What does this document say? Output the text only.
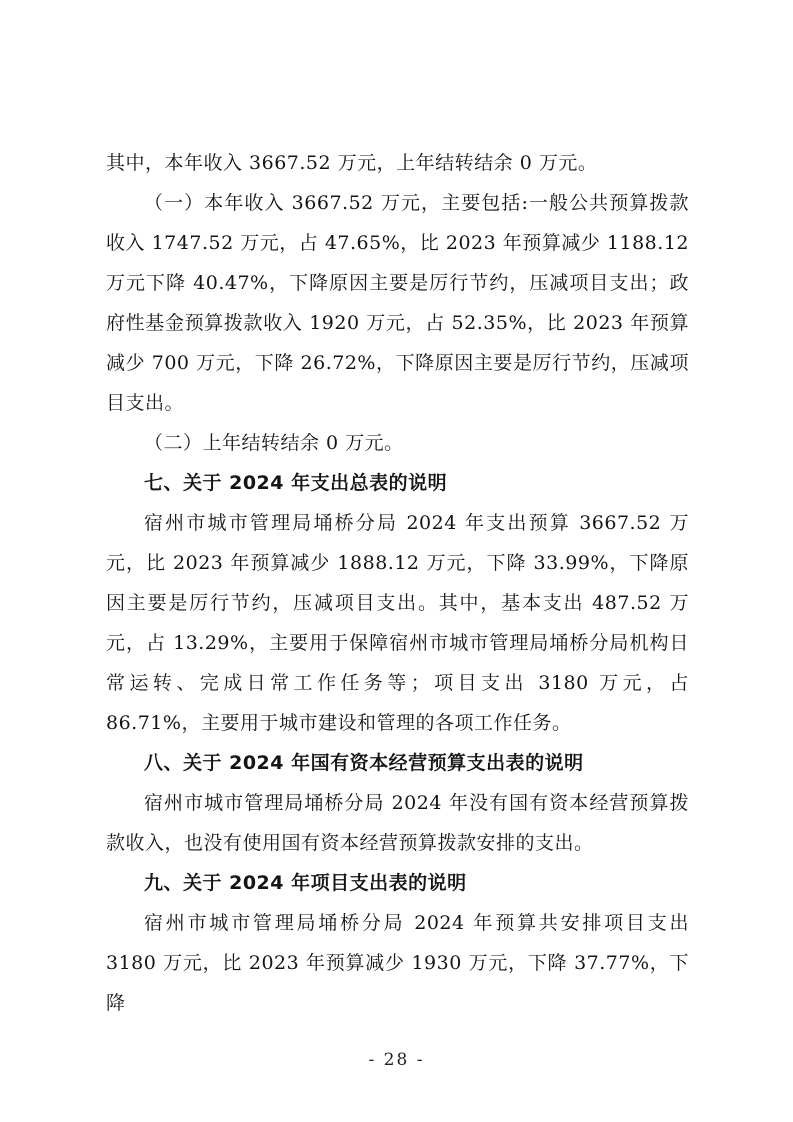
其中，本年收入 3667.52 万元，上年结转结余 0 万元。

（一）本年收入 3667.52 万元，主要包括:一般公共预算拨款收入 1747.52 万元，占 47.65%，比 2023 年预算减少 1188.12 万元下降 40.47%，下降原因主要是厉行节约，压减项目支出；政府性基金预算拨款收入 1920 万元，占 52.35%，比 2023 年预算减少 700 万元，下降 26.72%，下降原因主要是厉行节约，压减项目支出。

（二）上年结转结余 0 万元。

七、关于 2024 年支出总表的说明

宿州市城市管理局埇桥分局 2024 年支出预算 3667.52 万元，比 2023 年预算减少 1888.12 万元，下降 33.99%，下降原因主要是厉行节约，压减项目支出。其中，基本支出 487.52 万元，占 13.29%，主要用于保障宿州市城市管理局埇桥分局机构日常运转、完成日常工作任务等；项目支出 3180 万元，占 86.71%，主要用于城市建设和管理的各项工作任务。

八、关于 2024 年国有资本经营预算支出表的说明

宿州市城市管理局埇桥分局 2024 年没有国有资本经营预算拨款收入，也没有使用国有资本经营预算拨款安排的支出。

九、关于 2024 年项目支出表的说明

宿州市城市管理局埇桥分局 2024 年预算共安排项目支出 3180 万元，比 2023 年预算减少 1930 万元，下降 37.77%，下降

- 28 -
